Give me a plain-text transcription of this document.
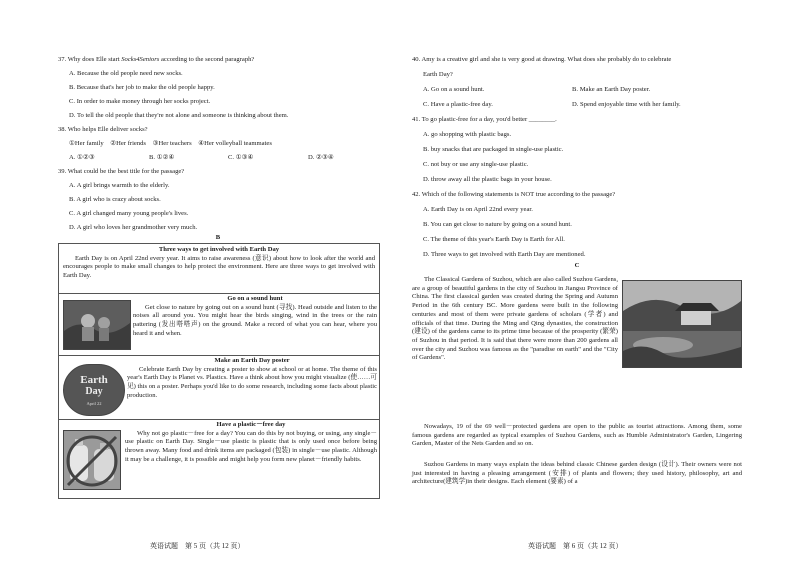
37. Why does Elle start Socks4Seniors according to the second paragraph?
A. Because the old people need new socks.
B. Because that's her job to make the old people happy.
C. In order to make money through her socks project.
D. To tell the old people that they're not alone and someone is thinking about them.
38. Who helps Elle deliver socks?
①Her family    ②Her friends    ③Her teachers    ④Her volleyball teammates
A. ①②③	B. ①②④	C. ①③④	D. ②③④
39. What could be the best title for the passage?
A. A girl brings warmth to the elderly.
B. A girl who is crazy about socks.
C. A girl changed many young people's lives.
D. A girl who loves her grandmother very much.
B
Three ways to get involved with Earth Day
Earth Day is on April 22nd every year. It aims to raise awareness (意识) about how to look after the world and encourages people to make small changes to help protect the environment. Here are three ways to get involved with Earth Day.
Go on a sound hunt
Get close to nature by going out on a sound hunt (寻找). Head outside and listen to the noises all around you. You might hear the birds singing, wind in the trees or the rain pattering (发出嗒嗒声) on the ground. Make a record of what you can hear, where you heard it and when.
Earth
Day
April 22
Make an Earth Day poster
Celebrate Earth Day by creating a poster to show at school or at home. The theme of this year's Earth Day is Planet vs. Plastics. Have a think about how you might visualize (使……可见) this on a poster. Perhaps you'd like to do some research, including some facts about plastic production.
Have a plastic－free day
Why not go plastic－free for a day? You can do this by not buying, or using, any single－use plastic on Earth Day. Single－use plastic is plastic that is only used once before being thrown away. Many food and drink items are packaged (包装) in single－use plastic. Although it may be a challenge, it is possible and might help you form new planet－friendly habits.
英语试题　第 5 页（共 12 页）
40. Amy is a creative girl and she is very good at drawing. What does she probably do to celebrate
Earth Day?
A. Go on a sound hunt.	B. Make an Earth Day poster.
C. Have a plastic-free day.	D. Spend enjoyable time with her family.
41. To go plastic-free for a day, you'd better ________.
A. go shopping with plastic bags.
B. buy snacks that are packaged in single-use plastic.
C. not buy or use any single-use plastic.
D. throw away all the plastic bags in your house.
42. Which of the following statements is NOT true according to the passage?
A. Earth Day is on April 22nd every year.
B. You can get close to nature by going on a sound hunt.
C. The theme of this year's Earth Day is Earth for All.
D. Three ways to get involved with Earth Day are mentioned.
C
The Classical Gardens of Suzhou, which are also called Suzhou Gardens, are a group of beautiful gardens in the city of Suzhou in Jiangsu Province of China. The first classical garden was created during the Spring and Autumn Period in the 6th century BC. More gardens were built in the following centuries and most of them were private gardens of scholars (学者) and officials of that time. During the Ming and Qing dynasties, the construction (建设) of the gardens came to its prime time because of the prosperity (繁荣) of Suzhou in that period. It is said that there were more than 200 gardens all over the city and Suzhou was famous as the "paradise on earth" and the "City of Gardens".
Nowadays, 19 of the 69 well－protected gardens are open to the public as tourist attractions. Among them, some famous gardens are regarded as typical examples of Suzhou Gardens, such as Humble Administrator's Garden, Lingering Garden, Master of the Nets Garden and so on.
Suzhou Gardens in many ways explain the ideas behind classic Chinese garden design (设计). Their owners were not just interested in having a pleasing arrangement (安排) of plants and flowers; they used history, philosophy, art and architecture(建筑学)in their designs. Each element (要素) of a
英语试题　第 6 页（共 12 页）
